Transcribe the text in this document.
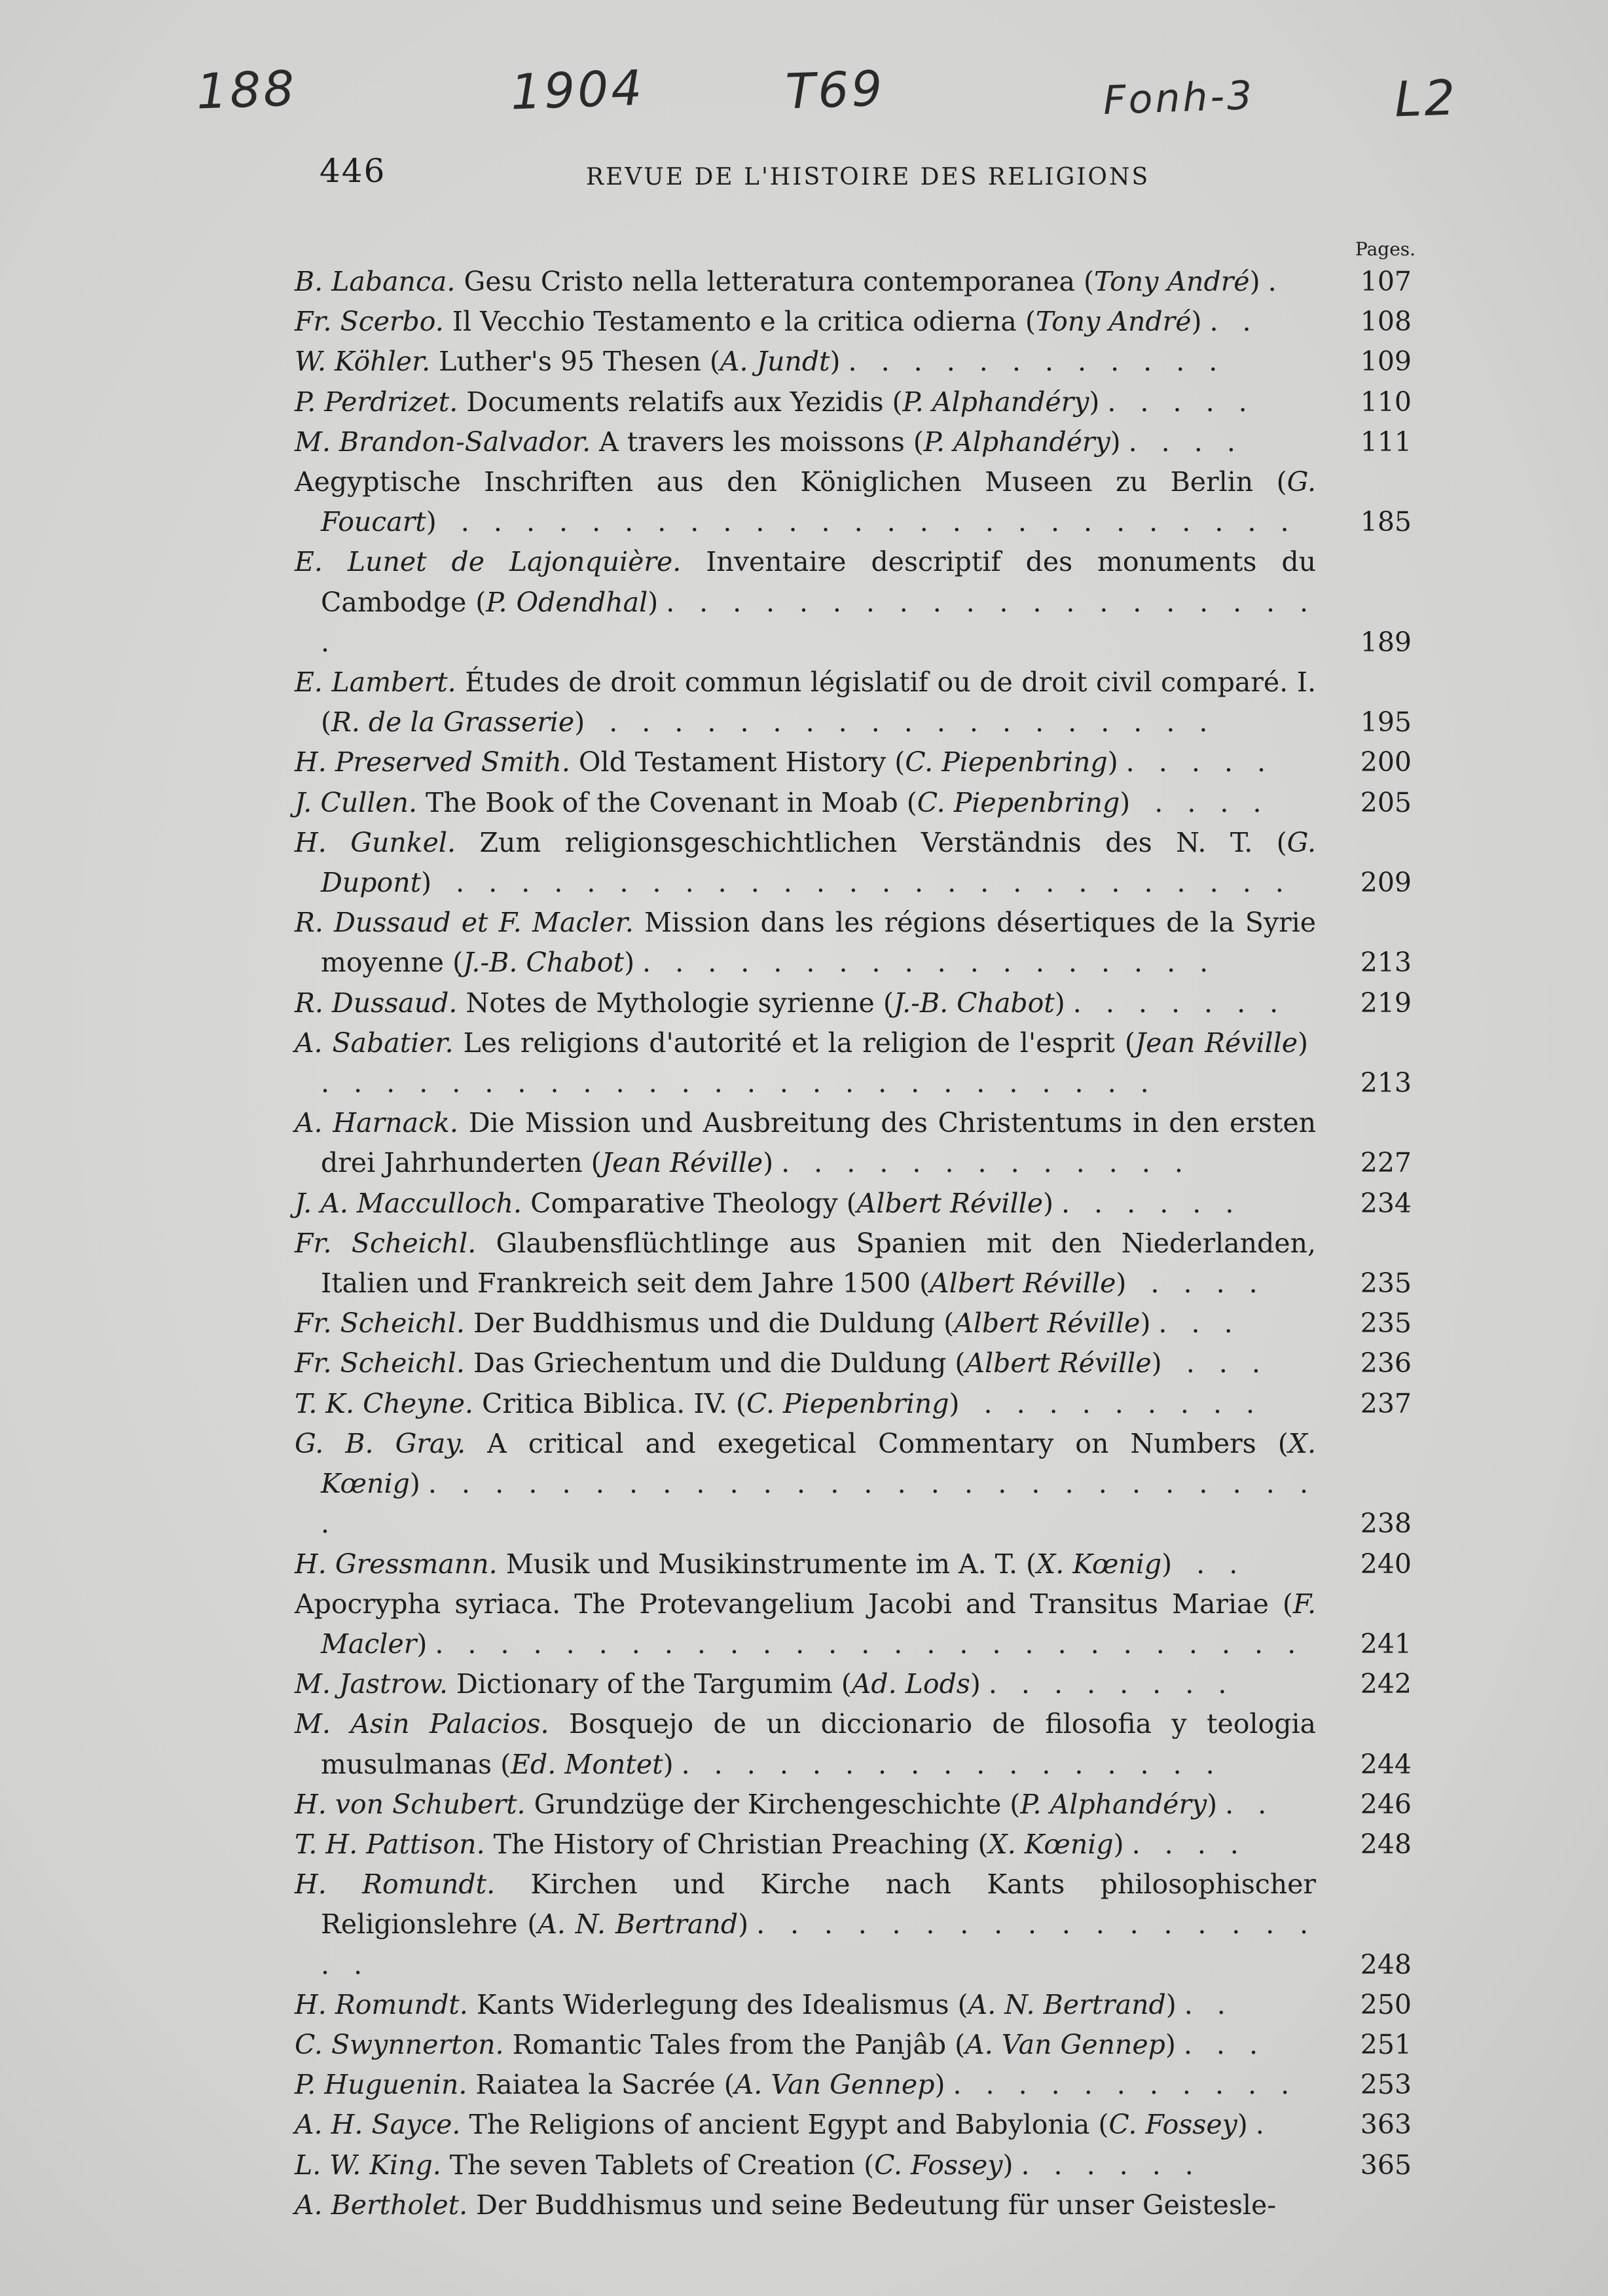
188	1904	T69	Fonh-3	L2
446	REVUE DE L'HISTOIRE DES RELIGIONS
Pages.
B. Labanca. Gesu Cristo nella letteratura contemporanea (Tony André).	107
Fr. Scerbo. Il Vecchio Testamento e la critica odierna (Tony André). .	108
W. Köhler. Luther's 95 Thesen (A. Jundt). . . . . . . . . . . .	109
P. Perdrizet. Documents relatifs aux Yezidis (P. Alphandéry). . . . .	110
M. Brandon-Salvador. A travers les moissons (P. Alphandéry). . . .	111
Aegyptische Inschriften aus den Königlichen Museen zu Berlin (G. Foucart) . . . . . . . . . . . . . . . . . . . . . . . . . .	185
E. Lunet de Lajonquière. Inventaire descriptif des monuments du Cambodge (P. Odendhal). . . . . . . . . . . . . . . . . . . . .	189
E. Lambert. Études de droit commun législatif ou de droit civil comparé. I. (R. de la Grasserie) . . . . . . . . . . . . . . . . . . .	195
H. Preserved Smith. Old Testament History (C. Piepenbring). . . . .	200
J. Cullen. The Book of the Covenant in Moab (C. Piepenbring) . . . .	205
H. Gunkel. Zum religionsgeschichtlichen Verständnis des N. T. (G. Dupont) . . . . . . . . . . . . . . . . . . . . . . . . . .	209
R. Dussaud et F. Macler. Mission dans les régions désertiques de la Syrie moyenne (J.-B. Chabot). . . . . . . . . . . . . . . . . .	213
R. Dussaud. Notes de Mythologie syrienne (J.-B. Chabot). . . . . . .	219
A. Sabatier. Les religions d'autorité et la religion de l'esprit (Jean Réville) . . . . . . . . . . . . . . . . . . . . . . . . . .	213
A. Harnack. Die Mission und Ausbreitung des Christentums in den ersten drei Jahrhunderten (Jean Réville). . . . . . . . . . . . .	227
J. A. Macculloch. Comparative Theology (Albert Réville). . . . . .	234
Fr. Scheichl. Glaubensflüchtlinge aus Spanien mit den Niederlanden, Italien und Frankreich seit dem Jahre 1500 (Albert Réville) . . . .	235
Fr. Scheichl. Der Buddhismus und die Duldung (Albert Réville). . .	235
Fr. Scheichl. Das Griechentum und die Duldung (Albert Réville) . . .	236
T. K. Cheyne. Critica Biblica. IV. (C. Piepenbring) . . . . . . . . .	237
G. B. Gray. A critical and exegetical Commentary on Numbers (X. Kœnig). . . . . . . . . . . . . . . . . . . . . . . . . . . .	238
H. Gressmann. Musik und Musikinstrumente im A. T. (X. Kœnig) . .	240
Apocrypha syriaca. The Protevangelium Jacobi and Transitus Mariae (F. Macler). . . . . . . . . . . . . . . . . . . . . . . . . . .	241
M. Jastrow. Dictionary of the Targumim (Ad. Lods). . . . . . . .	242
M. Asin Palacios. Bosquejo de un diccionario de filosofia y teologia musulmanas (Ed. Montet). . . . . . . . . . . . . . . . .	244
H. von Schubert. Grundzüge der Kirchengeschichte (P. Alphandéry). .	246
T. H. Pattison. The History of Christian Preaching (X. Kœnig). . . .	248
H. Romundt. Kirchen und Kirche nach Kants philosophischer Religionslehre (A. N. Bertrand). . . . . . . . . . . . . . . . . . .	248
H. Romundt. Kants Widerlegung des Idealismus (A. N. Bertrand). .	250
C. Swynnerton. Romantic Tales from the Panjâb (A. Van Gennep). . .	251
P. Huguenin. Raiatea la Sacrée (A. Van Gennep). . . . . . . . . . .	253
A. H. Sayce. The Religions of ancient Egypt and Babylonia (C. Fossey).	363
L. W. King. The seven Tablets of Creation (C. Fossey). . . . . .	365
A. Bertholet. Der Buddhismus und seine Bedeutung für unser Geistesle-
